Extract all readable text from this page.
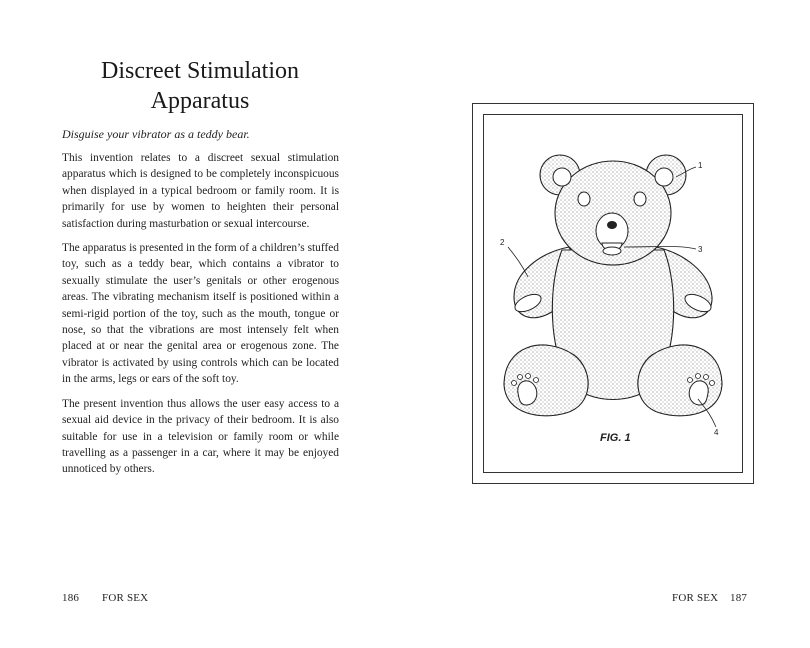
Discreet Stimulation
Apparatus

Disguise your vibrator as a teddy bear.

This invention relates to a discreet sexual stimulation apparatus which is designed to be completely inconspicuous when displayed in a typical bedroom or family room. It is primarily for use by women to heighten their personal satisfaction during masturbation or sexual intercourse.

The apparatus is presented in the form of a children’s stuffed toy, such as a teddy bear, which contains a vibrator to sexually stimulate the user’s genitals or other erogenous areas. The vibrating mechanism itself is positioned within a semi-rigid portion of the toy, such as the mouth, tongue or nose, so that the vibrations are most intensely felt when placed at or near the genital area or erogenous zone. The vibrator is activated by using controls which can be located in the arms, legs or ears of the soft toy.

The present invention thus allows the user easy access to a sexual aid device in the privacy of their bedroom. It is also suitable for use in a television or family room or while travelling as a passenger in a car, where it may be enjoyed unnoticed by others.

186 FOR SEX
1
2
3
4
FIG. 1
FOR SEX 187
